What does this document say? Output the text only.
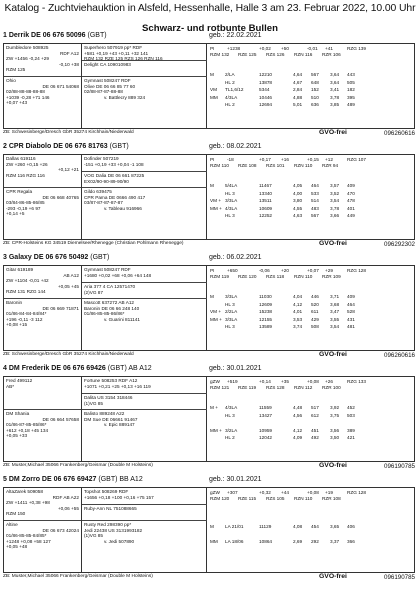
Katalog - Zuchtviehauktion in Alsfeld, Hessenhalle, Halle 3 am 23. Februar 2022, 10.00 Uhr
Schwarz- und rotbunte Bullen
1 Derrik DE 06 676 50096 (GBT)	geb.: 22.02.2021
Dumbledore 508925
RDF A12
ZW +1456 -0,24 +29
-0,10 +38
RZM 125
Ohio
DE 06 671 54068
02/88-88-88-88-88
+1039 -0,28 +71 146
+0,07 +43
Superhero 507919 pp* RDF
+581 +0,19 +43 +0,11 +32 141
RZM 132 RZE 125 RZS 126 RZN 116
Delight CA 109010983
Gymnast 508247 RDF
Olive DE 06 66 85 77 60
02/88-87-87-88-88
v. Battlecry 889 324
PI	+1238	+0,02 +50	-0,01 +41	RZG 139
RZM 132 RZE 125 RZS 126 RZN 116 RZR 106
M 2/LA	12210	4,64 567 3,64 443
HL 2	13878	4,67 648 3,64 505
VM TL1,6/12	5344	2,84 152 3,41 182
MM 4/3LA	10446	4,88 510 3,78 395
HL 2	12694	5,01 636 3,85 489
ZB: Schwesinberge/Dresch GbR 35274 Kirchhain/Niederwald	GVO-frei	096260616
2 CPR Diabolo DE 06 676 81763 (GBT)	geb.: 08.02.2021
Dallas 619116
ZW +260 +0,15 +26
+0,12 +21
RZM 116 RZG 116
CPR Regala
DE 06 668 40765
03/84-86-85-86/85
-293 -0,19 +6 97
+0,14 +5
Dofinder 507219
-151 +0,19 +33 +0,04 -1 108
VOG Dalia DE 06 661 87225
EX02/90-90-89-90/90
Gildo 639475
CPR Pama DE 0666 490 417
03/87-87-87-87-87
v. Tableau 916966
PI	-18	+0,17 +16	+0,15 +12	RZG 107
RZM 110 RZE 108 RZS 101 RZN 110 RZR 94
M 5/4LA	11467	4,05 464 3,57 409
HL 3	13340	4,00 533 3,52 470
VM + 3/3LA	13511	3,80 514 3,54 478
MM + 4/3LA	10609	4,55 483 3,78 401
HL 3	12252	4,63 567 3,66 449
ZB: CPR-Holsteins KG 34519 Diemelsee/Rhenegge (Christian Pohlmann Rhenegge)	GVO-frei	096292302
3 Galaxy DE 06 676 50492 (GBT)	geb.: 06.02.2021
Gitar 619189
AB A12
ZW +1104 -0,01 +42
+0,05 +45
RZM 131 RZG 144
Baronin
DE 06 669 71871
01/86-84-84-84/84*
+196 -0,11 -3 112
+0,08 +15
Gymnast 508247 RDF
+1680 +0,02 +68 +0,06 +64 148
Aria 377 4 CA 12571470
(2)VG 87
Mascott 637272 AB A12
Baronin DE 06 66 248 140
01/86-85-85-86/86*
v. Guarini 811141
PI	+650	-0,06 +20	+0,07 +29	RZG 128
RZM 119 RZE 120 RZS 118 RZN 110 RZR 109
M 3/3LA	11030	4,04 446 3,71 409
HL 3	12609	4,12 520 3,68 464
VM + 2/2LA	15238	4,01 611 3,47 528
MM + 3/3LA	12155	3,53 429 3,55 431
HL 3	13589	3,74 508 3,54 481
ZB: Schwesinberge/Dresch GbR 35274 Kirchhain/Niederwald	GVO-frei	096260616
4 DM Frederik DE 06 676 69426 (GBT) AB A12	geb.: 30.01.2021
Fred 499112
AB*
DM Shania
DE 06 664 57658
01/86-87-85-85/86*
+612 +0,18 +45 134
+0,05 +33
Fortune 508253 RDF A12
+1071 +0,21 +25 +0,13 +16 119
Dalita US 3154 318446
(1)VG 85
Balisto 889248 A22
DM Sue DE 06661 91467
v. Epic 889147
gZW +519	+0,14 +35	+0,08 +26	RZG 133
RZM 121 RZE 119 RZS 128 RZN 112 RZR 100
M + 4/3LA	11559	4,48 517 3,92 452
HL 3	13427	4,56 612 3,75 503
MM + 3/2LA	10959	4,12 451 3,56 389
HL 2	12042	4,09 492 3,50 421
ZB: Muster,Michael 35066 Frankenberg/Geismar (Double M Holsteins)	GVO-frei	096190785
5 DM Zorro DE 06 676 69427 (GBT) BB A12	geb.: 30.01.2021
AltaZarek 509058
RDF AB A22
ZW +1411 +0,38 +98
+0,06 +55
RZM 150
Altine
DE 06 673 42024
01/86-85-85-84/85*
+1248 +0,08 +58 127
+0,05 +48
Topshot 508269 RDF
+1656 +0,18 +100 +0,16 +75 157
Ruby-Ann NL 751088665
Rusty Red 298390 pp*
Jedi 22438 US 3131993182
(1)VG 85
v. Jedi 507890
gZW +307	+0,32 +44	+0,08 +19	RZG 128
RZM 120 RZE 115 RZS 105 RZN 110 RZR 108
M LA 21/01	11129	4,08 454 3,65 406
MM LA 18/06	10864	2,69 292 3,37 366
ZB: Muster,Michael 35066 Frankenberg/Geismar (Double M Holsteins)	GVO-frei	096190785
